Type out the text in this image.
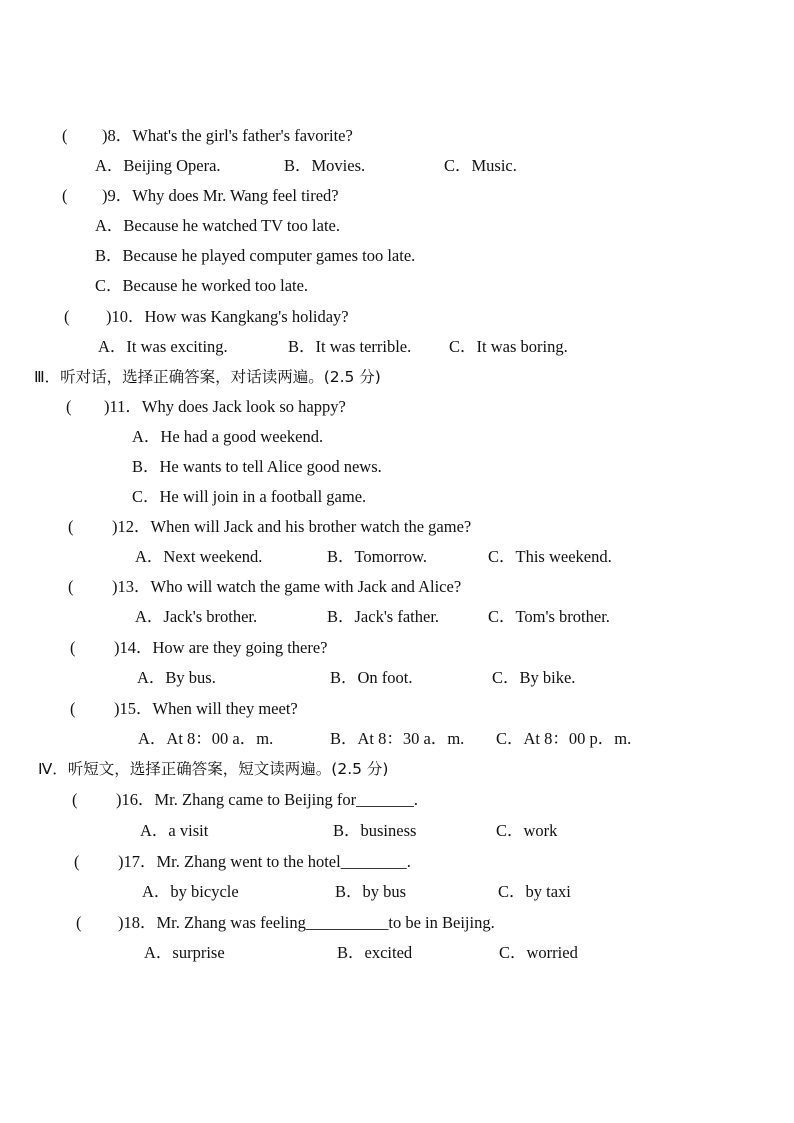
( )8．What's the girl's father's favorite?
A．Beijing Opera.	B．Movies.	C．Music.
( )9．Why does Mr. Wang feel tired?
A．Because he watched TV too late.
B．Because he played computer games too late.
C．Because he worked too late.
( )10．How was Kangkang's holiday?
A．It was exciting.	B．It was terrible. C．It was boring.
Ⅲ．听对话，选择正确答案，对话读两遍。(2.5 分)
( )11．Why does Jack look so happy?
A．He had a good weekend.
B．He wants to tell Alice good news.
C．He will join in a football game.
( )12．When will Jack and his brother watch the game?
A．Next weekend.	B．Tomorrow.	C．This weekend.
( )13．Who will watch the game with Jack and Alice?
A．Jack's brother.	B．Jack's father.	C．Tom's brother.
( )14．How are they going there?
A．By bus.	B．On foot.	C．By bike.
( )15．When will they meet?
A．At 8：00 a．m.	B．At 8：30 a．m. C．At 8：00 p．m.
Ⅳ．听短文，选择正确答案，短文读两遍。(2.5 分)
( )16．Mr. Zhang came to Beijing for_______.
A．a visit	B．business	C．work
( )17．Mr. Zhang went to the hotel________.
A．by bicycle	B．by bus	C．by taxi
( )18．Mr. Zhang was feeling__________to be in Beijing.
A．surprise	B．excited	C．worried
